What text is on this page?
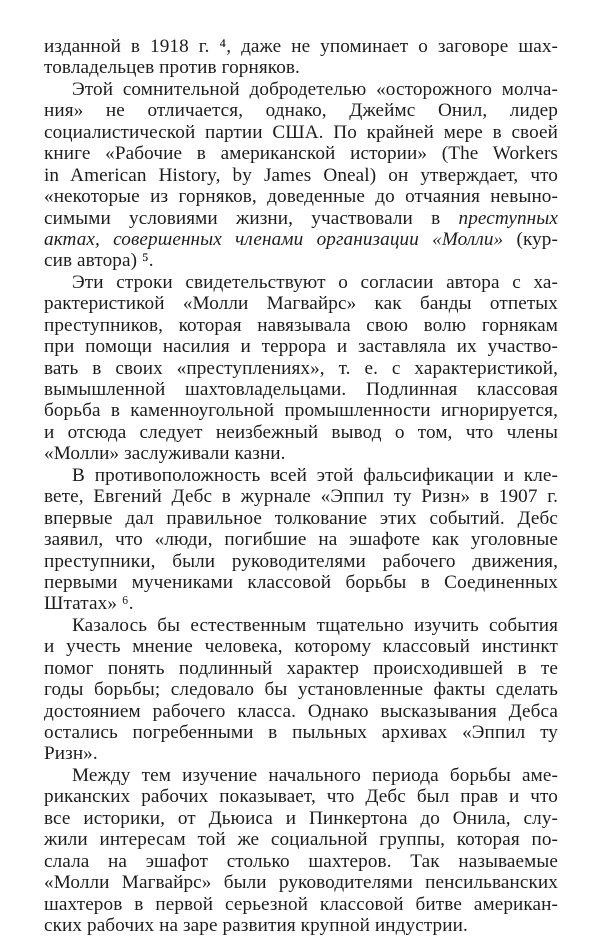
изданной в 1918 г. ⁴, даже не упоминает о заговоре шах-
товладельцев против горняков.
Этой сомнительной добродетелью «осторожного молча-
ния» не отличается, однако, Джеймс Онил, лидер
социалистической партии США. По крайней мере в своей
книге «Рабочие в американской истории» (The Workers
in American History, by James Oneal) он утверждает, что
«некоторые из горняков, доведенные до отчаяния невыно-
симыми условиями жизни, участвовали в преступных
актах, совершенных членами организации «Молли» (кур-
сив автора) ⁵.
Эти строки свидетельствуют о согласии автора с ха-
рактеристикой «Молли Магвайрс» как банды отпетых
преступников, которая навязывала свою волю горнякам
при помощи насилия и террора и заставляла их участво-
вать в своих «преступлениях», т. е. с характеристикой,
вымышленной шахтовладельцами. Подлинная классовая
борьба в каменноугольной промышленности игнорируется,
и отсюда следует неизбежный вывод о том, что члены
«Молли» заслуживали казни.
В противоположность всей этой фальсификации и кле-
вете, Евгений Дебс в журнале «Эппил ту Ризн» в 1907 г.
впервые дал правильное толкование этих событий. Дебс
заявил, что «люди, погибшие на эшафоте как уголовные
преступники, были руководителями рабочего движения,
первыми мучениками классовой борьбы в Соединенных
Штатах» ⁶.
Казалось бы естественным тщательно изучить события
и учесть мнение человека, которому классовый инстинкт
помог понять подлинный характер происходившей в те
годы борьбы; следовало бы установленные факты сделать
достоянием рабочего класса. Однако высказывания Дебса
остались погребенными в пыльных архивах «Эппил ту
Ризн».
Между тем изучение начального периода борьбы аме-
риканских рабочих показывает, что Дебс был прав и что
все историки, от Дьюиса и Пинкертона до Онила, слу-
жили интересам той же социальной группы, которая по-
слала на эшафот столько шахтеров. Так называемые
«Молли Магвайрс» были руководителями пенсильванских
шахтеров в первой серьезной классовой битве американ-
ских рабочих на заре развития крупной индустрии.
